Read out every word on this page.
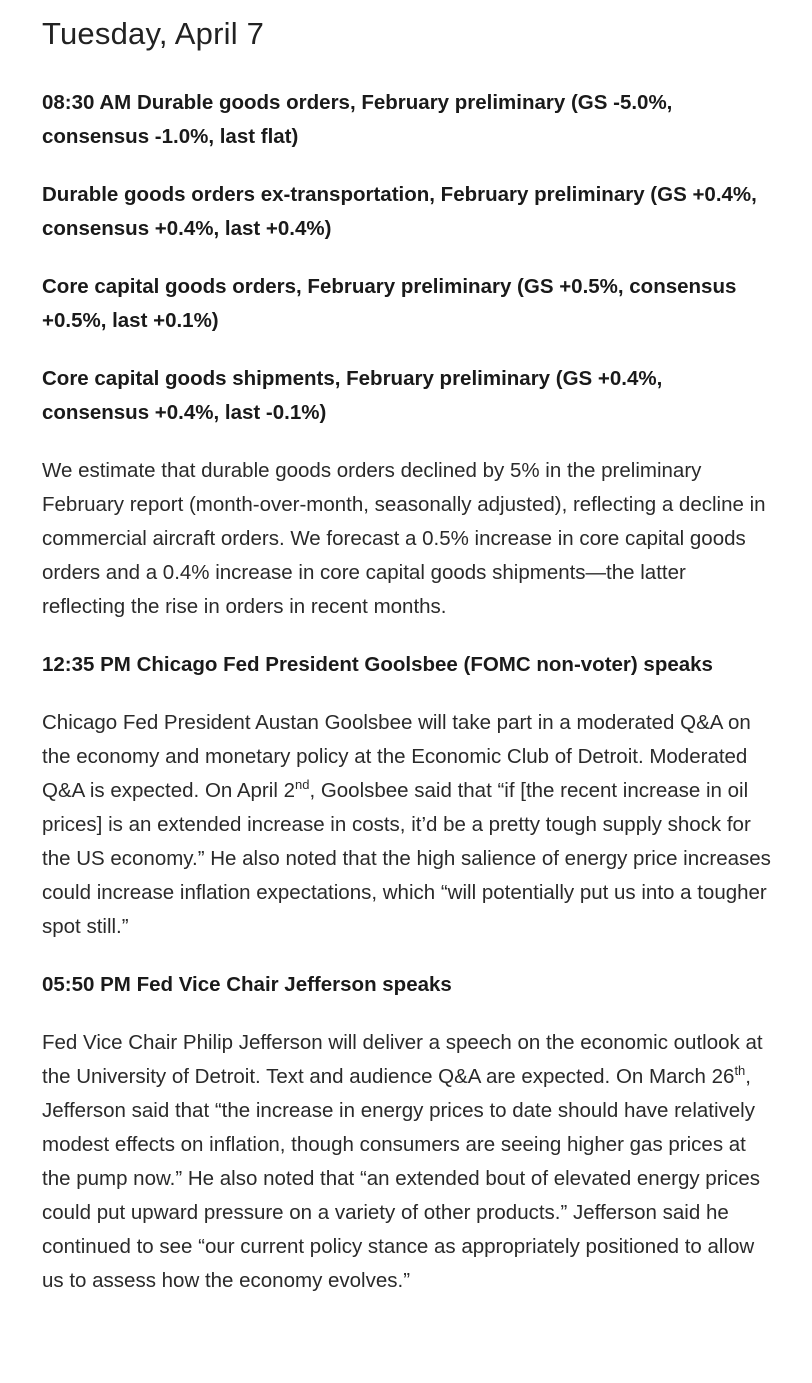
Tuesday, April 7

08:30 AM Durable goods orders, February preliminary (GS -5.0%, consensus -1.0%, last flat)

Durable goods orders ex-transportation, February preliminary (GS +0.4%, consensus +0.4%, last +0.4%)

Core capital goods orders, February preliminary (GS +0.5%, consensus +0.5%, last +0.1%)

Core capital goods shipments, February preliminary (GS +0.4%, consensus +0.4%, last -0.1%)

We estimate that durable goods orders declined by 5% in the preliminary February report (month-over-month, seasonally adjusted), reflecting a decline in commercial aircraft orders. We forecast a 0.5% increase in core capital goods orders and a 0.4% increase in core capital goods shipments—the latter reflecting the rise in orders in recent months.

12:35 PM Chicago Fed President Goolsbee (FOMC non-voter) speaks

Chicago Fed President Austan Goolsbee will take part in a moderated Q&A on the economy and monetary policy at the Economic Club of Detroit. Moderated Q&A is expected. On April 2nd, Goolsbee said that “if [the recent increase in oil prices] is an extended increase in costs, it’d be a pretty tough supply shock for the US economy.” He also noted that the high salience of energy price increases could increase inflation expectations, which “will potentially put us into a tougher spot still.”

05:50 PM Fed Vice Chair Jefferson speaks

Fed Vice Chair Philip Jefferson will deliver a speech on the economic outlook at the University of Detroit. Text and audience Q&A are expected. On March 26th, Jefferson said that “the increase in energy prices to date should have relatively modest effects on inflation, though consumers are seeing higher gas prices at the pump now.” He also noted that “an extended bout of elevated energy prices could put upward pressure on a variety of other products.” Jefferson said he continued to see “our current policy stance as appropriately positioned to allow us to assess how the economy evolves.”
